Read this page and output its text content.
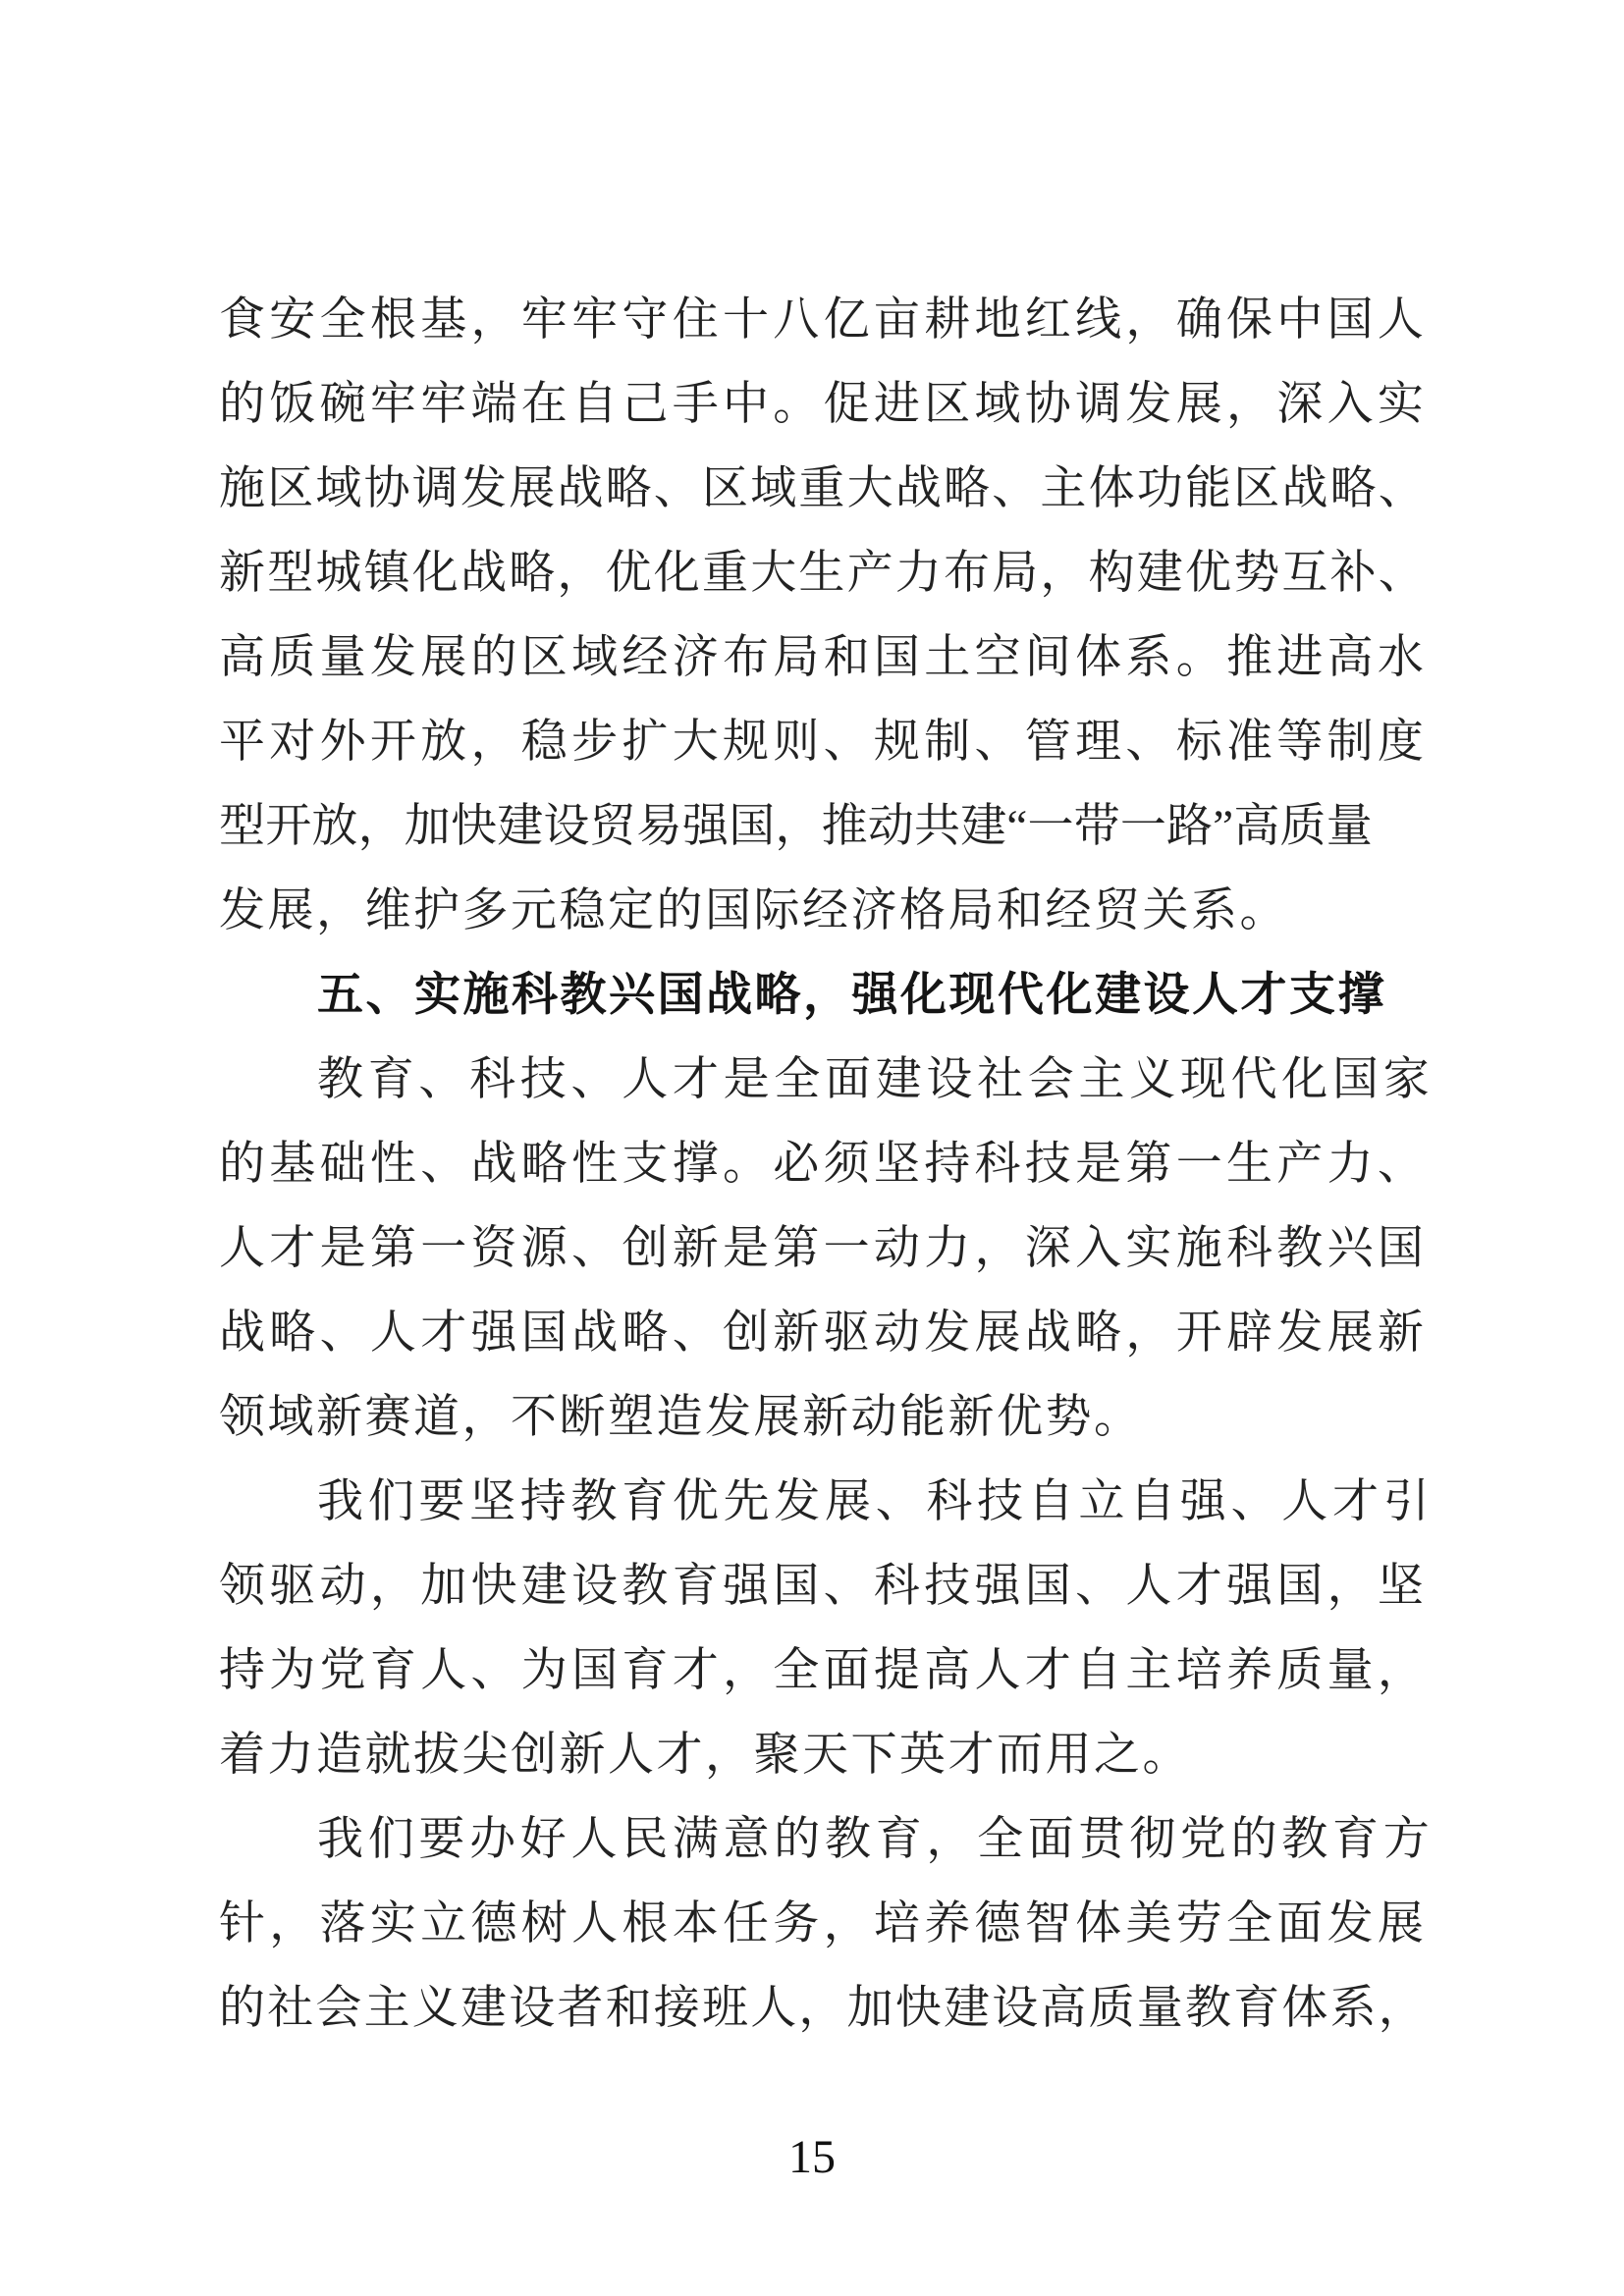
食安全根基，牢牢守住十八亿亩耕地红线，确保中国人
的饭碗牢牢端在自己手中。促进区域协调发展，深入实
施区域协调发展战略、区域重大战略、主体功能区战略、
新型城镇化战略，优化重大生产力布局，构建优势互补、
高质量发展的区域经济布局和国土空间体系。推进高水
平对外开放，稳步扩大规则、规制、管理、标准等制度
型开放，加快建设贸易强国，推动共建“一带一路”高质量
发展，维护多元稳定的国际经济格局和经贸关系。
五、实施科教兴国战略，强化现代化建设人才支撑
教育、科技、人才是全面建设社会主义现代化国家
的基础性、战略性支撑。必须坚持科技是第一生产力、
人才是第一资源、创新是第一动力，深入实施科教兴国
战略、人才强国战略、创新驱动发展战略，开辟发展新
领域新赛道，不断塑造发展新动能新优势。
我们要坚持教育优先发展、科技自立自强、人才引
领驱动，加快建设教育强国、科技强国、人才强国，坚
持为党育人、为国育才，全面提高人才自主培养质量，
着力造就拔尖创新人才，聚天下英才而用之。
我们要办好人民满意的教育，全面贯彻党的教育方
针，落实立德树人根本任务，培养德智体美劳全面发展
的社会主义建设者和接班人，加快建设高质量教育体系，
15
